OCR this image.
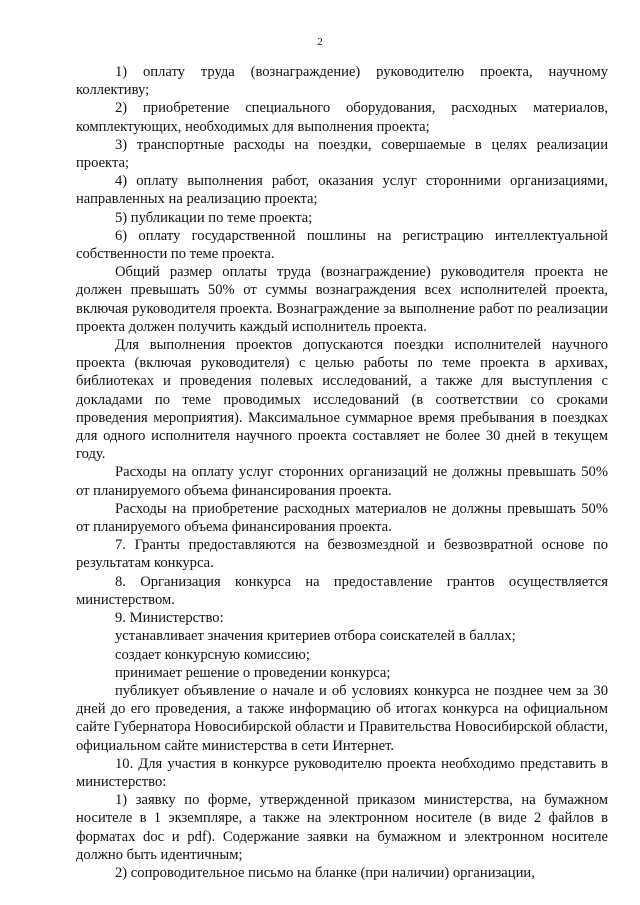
2

1) оплату труда (вознаграждение) руководителю проекта, научному коллективу;

2) приобретение специального оборудования, расходных материалов, комплектующих, необходимых для выполнения проекта;

3) транспортные расходы на поездки, совершаемые в целях реализации проекта;

4) оплату выполнения работ, оказания услуг сторонними организациями, направленных на реализацию проекта;

5) публикации по теме проекта;

6) оплату государственной пошлины на регистрацию интеллектуальной собственности по теме проекта.

Общий размер оплаты труда (вознаграждение) руководителя проекта не должен превышать 50% от суммы вознаграждения всех исполнителей проекта, включая руководителя проекта. Вознаграждение за выполнение работ по реализации проекта должен получить каждый исполнитель проекта.

Для выполнения проектов допускаются поездки исполнителей научного проекта (включая руководителя) с целью работы по теме проекта в архивах, библиотеках и проведения полевых исследований, а также для выступления с докладами по теме проводимых исследований (в соответствии со сроками проведения мероприятия). Максимальное суммарное время пребывания в поездках для одного исполнителя научного проекта составляет не более 30 дней в текущем году.

Расходы на оплату услуг сторонних организаций не должны превышать 50% от планируемого объема финансирования проекта.

Расходы на приобретение расходных материалов не должны превышать 50% от планируемого объема финансирования проекта.

7. Гранты предоставляются на безвозмездной и безвозвратной основе по результатам конкурса.

8. Организация конкурса на предоставление грантов осуществляется министерством.

9. Министерство:

устанавливает значения критериев отбора соискателей в баллах;

создает конкурсную комиссию;

принимает решение о проведении конкурса;

публикует объявление о начале и об условиях конкурса не позднее чем за 30 дней до его проведения, а также информацию об итогах конкурса на официальном сайте Губернатора Новосибирской области и Правительства Новосибирской области, официальном сайте министерства в сети Интернет.

10. Для участия в конкурсе руководителю проекта необходимо представить в министерство:

1) заявку по форме, утвержденной приказом министерства, на бумажном носителе в 1 экземпляре, а также на электронном носителе (в виде 2 файлов в форматах doc и pdf). Содержание заявки на бумажном и электронном носителе должно быть идентичным;

2) сопроводительное письмо на бланке (при наличии) организации,
